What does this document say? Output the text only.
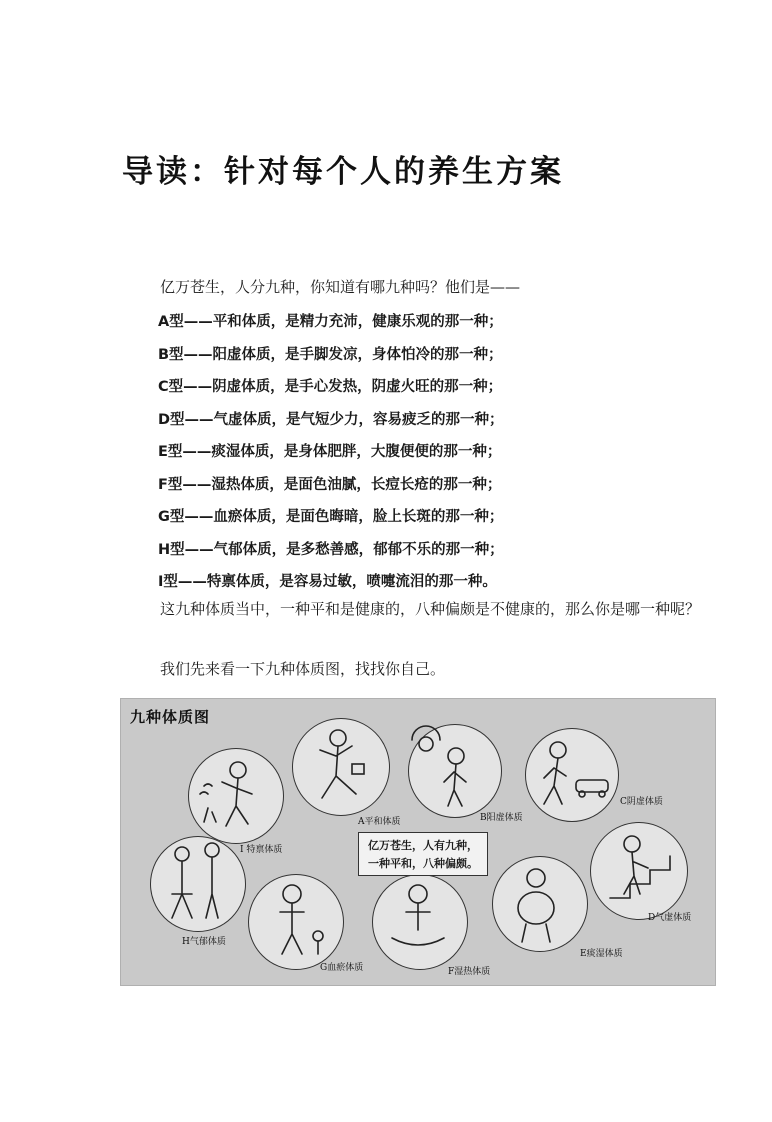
导读：针对每个人的养生方案
亿万苍生，人分九种，你知道有哪九种吗？他们是——
A型——平和体质，是精力充沛，健康乐观的那一种；
B型——阳虚体质，是手脚发凉，身体怕冷的那一种；
C型——阴虚体质，是手心发热，阴虚火旺的那一种；
D型——气虚体质，是气短少力，容易疲乏的那一种；
E型——痰湿体质，是身体肥胖，大腹便便的那一种；
F型——湿热体质，是面色油腻，长痘长疮的那一种；
G型——血瘀体质，是面色晦暗，脸上长斑的那一种；
H型——气郁体质，是多愁善感，郁郁不乐的那一种；
I型——特禀体质，是容易过敏，喷嚏流泪的那一种。
这九种体质当中，一种平和是健康的，八种偏颇是不健康的，那么你是哪一种呢？
我们先来看一下九种体质图，找找你自己。
九种体质图
I 特禀体质
A平和体质	B阳虚体质
C阴虚体质
H气郁体质
D气虚体质
G血瘀体质	F湿热体质
E痰湿体质
亿万苍生，人有九种，
一种平和，八种偏颇。
